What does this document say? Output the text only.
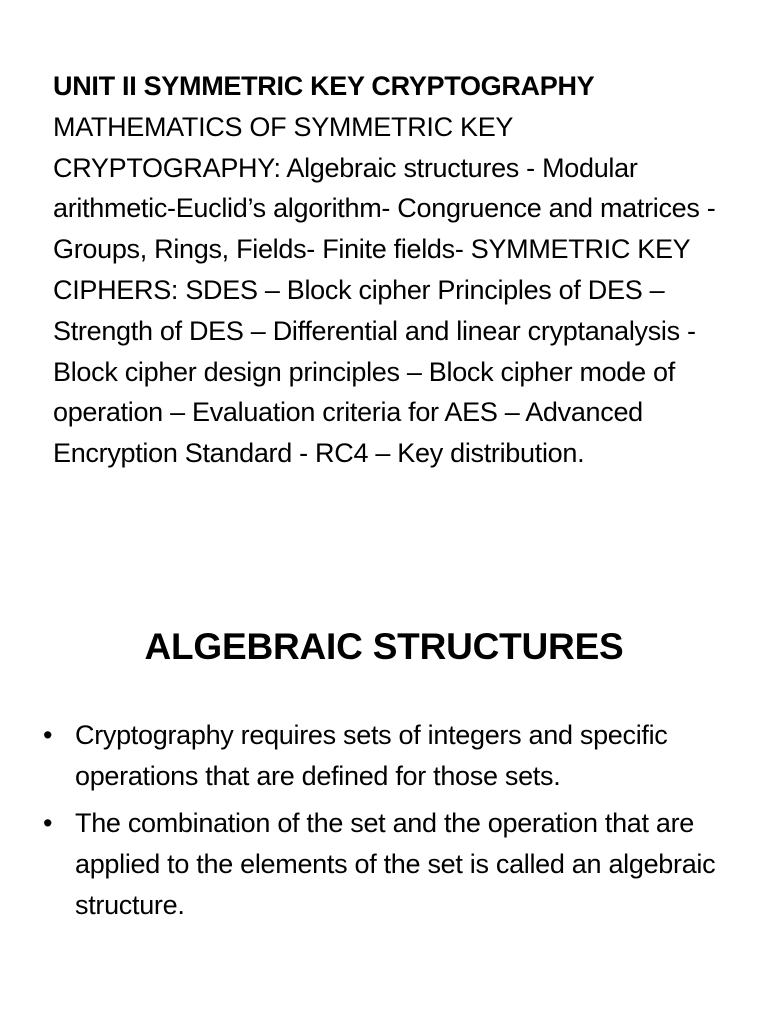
UNIT II SYMMETRIC KEY CRYPTOGRAPHY
MATHEMATICS OF SYMMETRIC KEY CRYPTOGRAPHY: Algebraic structures - Modular arithmetic-Euclid’s algorithm- Congruence and matrices - Groups, Rings, Fields- Finite fields- SYMMETRIC KEY CIPHERS: SDES – Block cipher Principles of DES – Strength of DES – Differential and linear cryptanalysis - Block cipher design principles – Block cipher mode of operation – Evaluation criteria for AES – Advanced Encryption Standard - RC4 – Key distribution.
ALGEBRAIC STRUCTURES
• Cryptography requires sets of integers and specific operations that are defined for those sets.
• The combination of the set and the operation that are applied to the elements of the set is called an algebraic structure.
